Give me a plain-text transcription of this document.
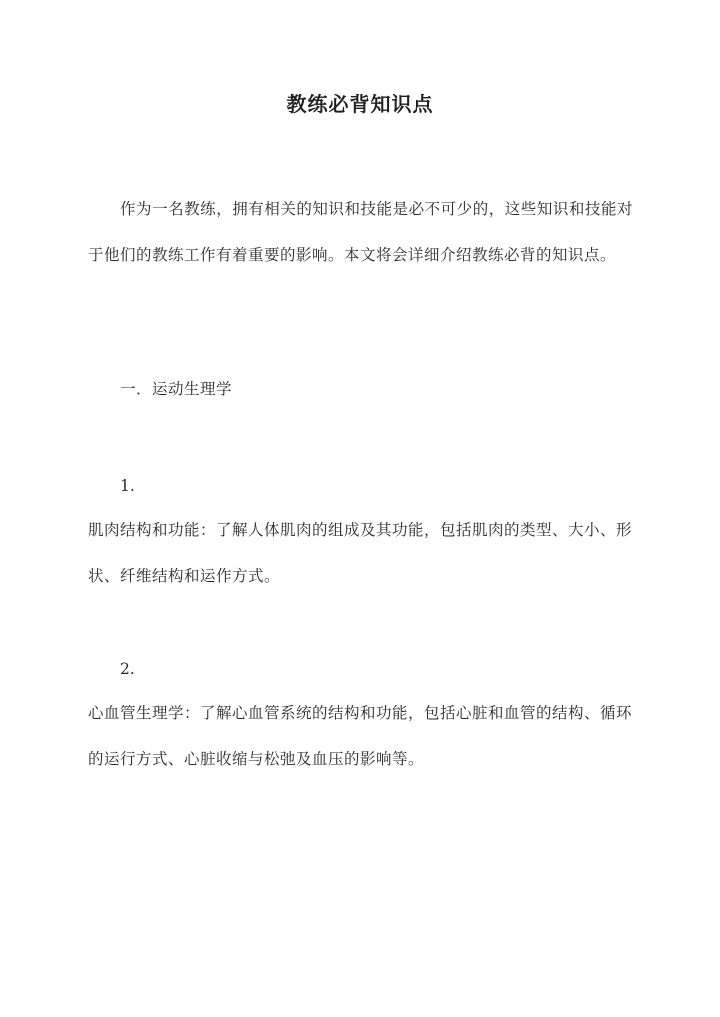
教练必背知识点
作为一名教练，拥有相关的知识和技能是必不可少的，这些知识和技能对于他们的教练工作有着重要的影响。本文将会详细介绍教练必背的知识点。
一．运动生理学
1.
肌肉结构和功能：了解人体肌肉的组成及其功能，包括肌肉的类型、大小、形状、纤维结构和运作方式。
2.
心血管生理学：了解心血管系统的结构和功能，包括心脏和血管的结构、循环的运行方式、心脏收缩与松弛及血压的影响等。
